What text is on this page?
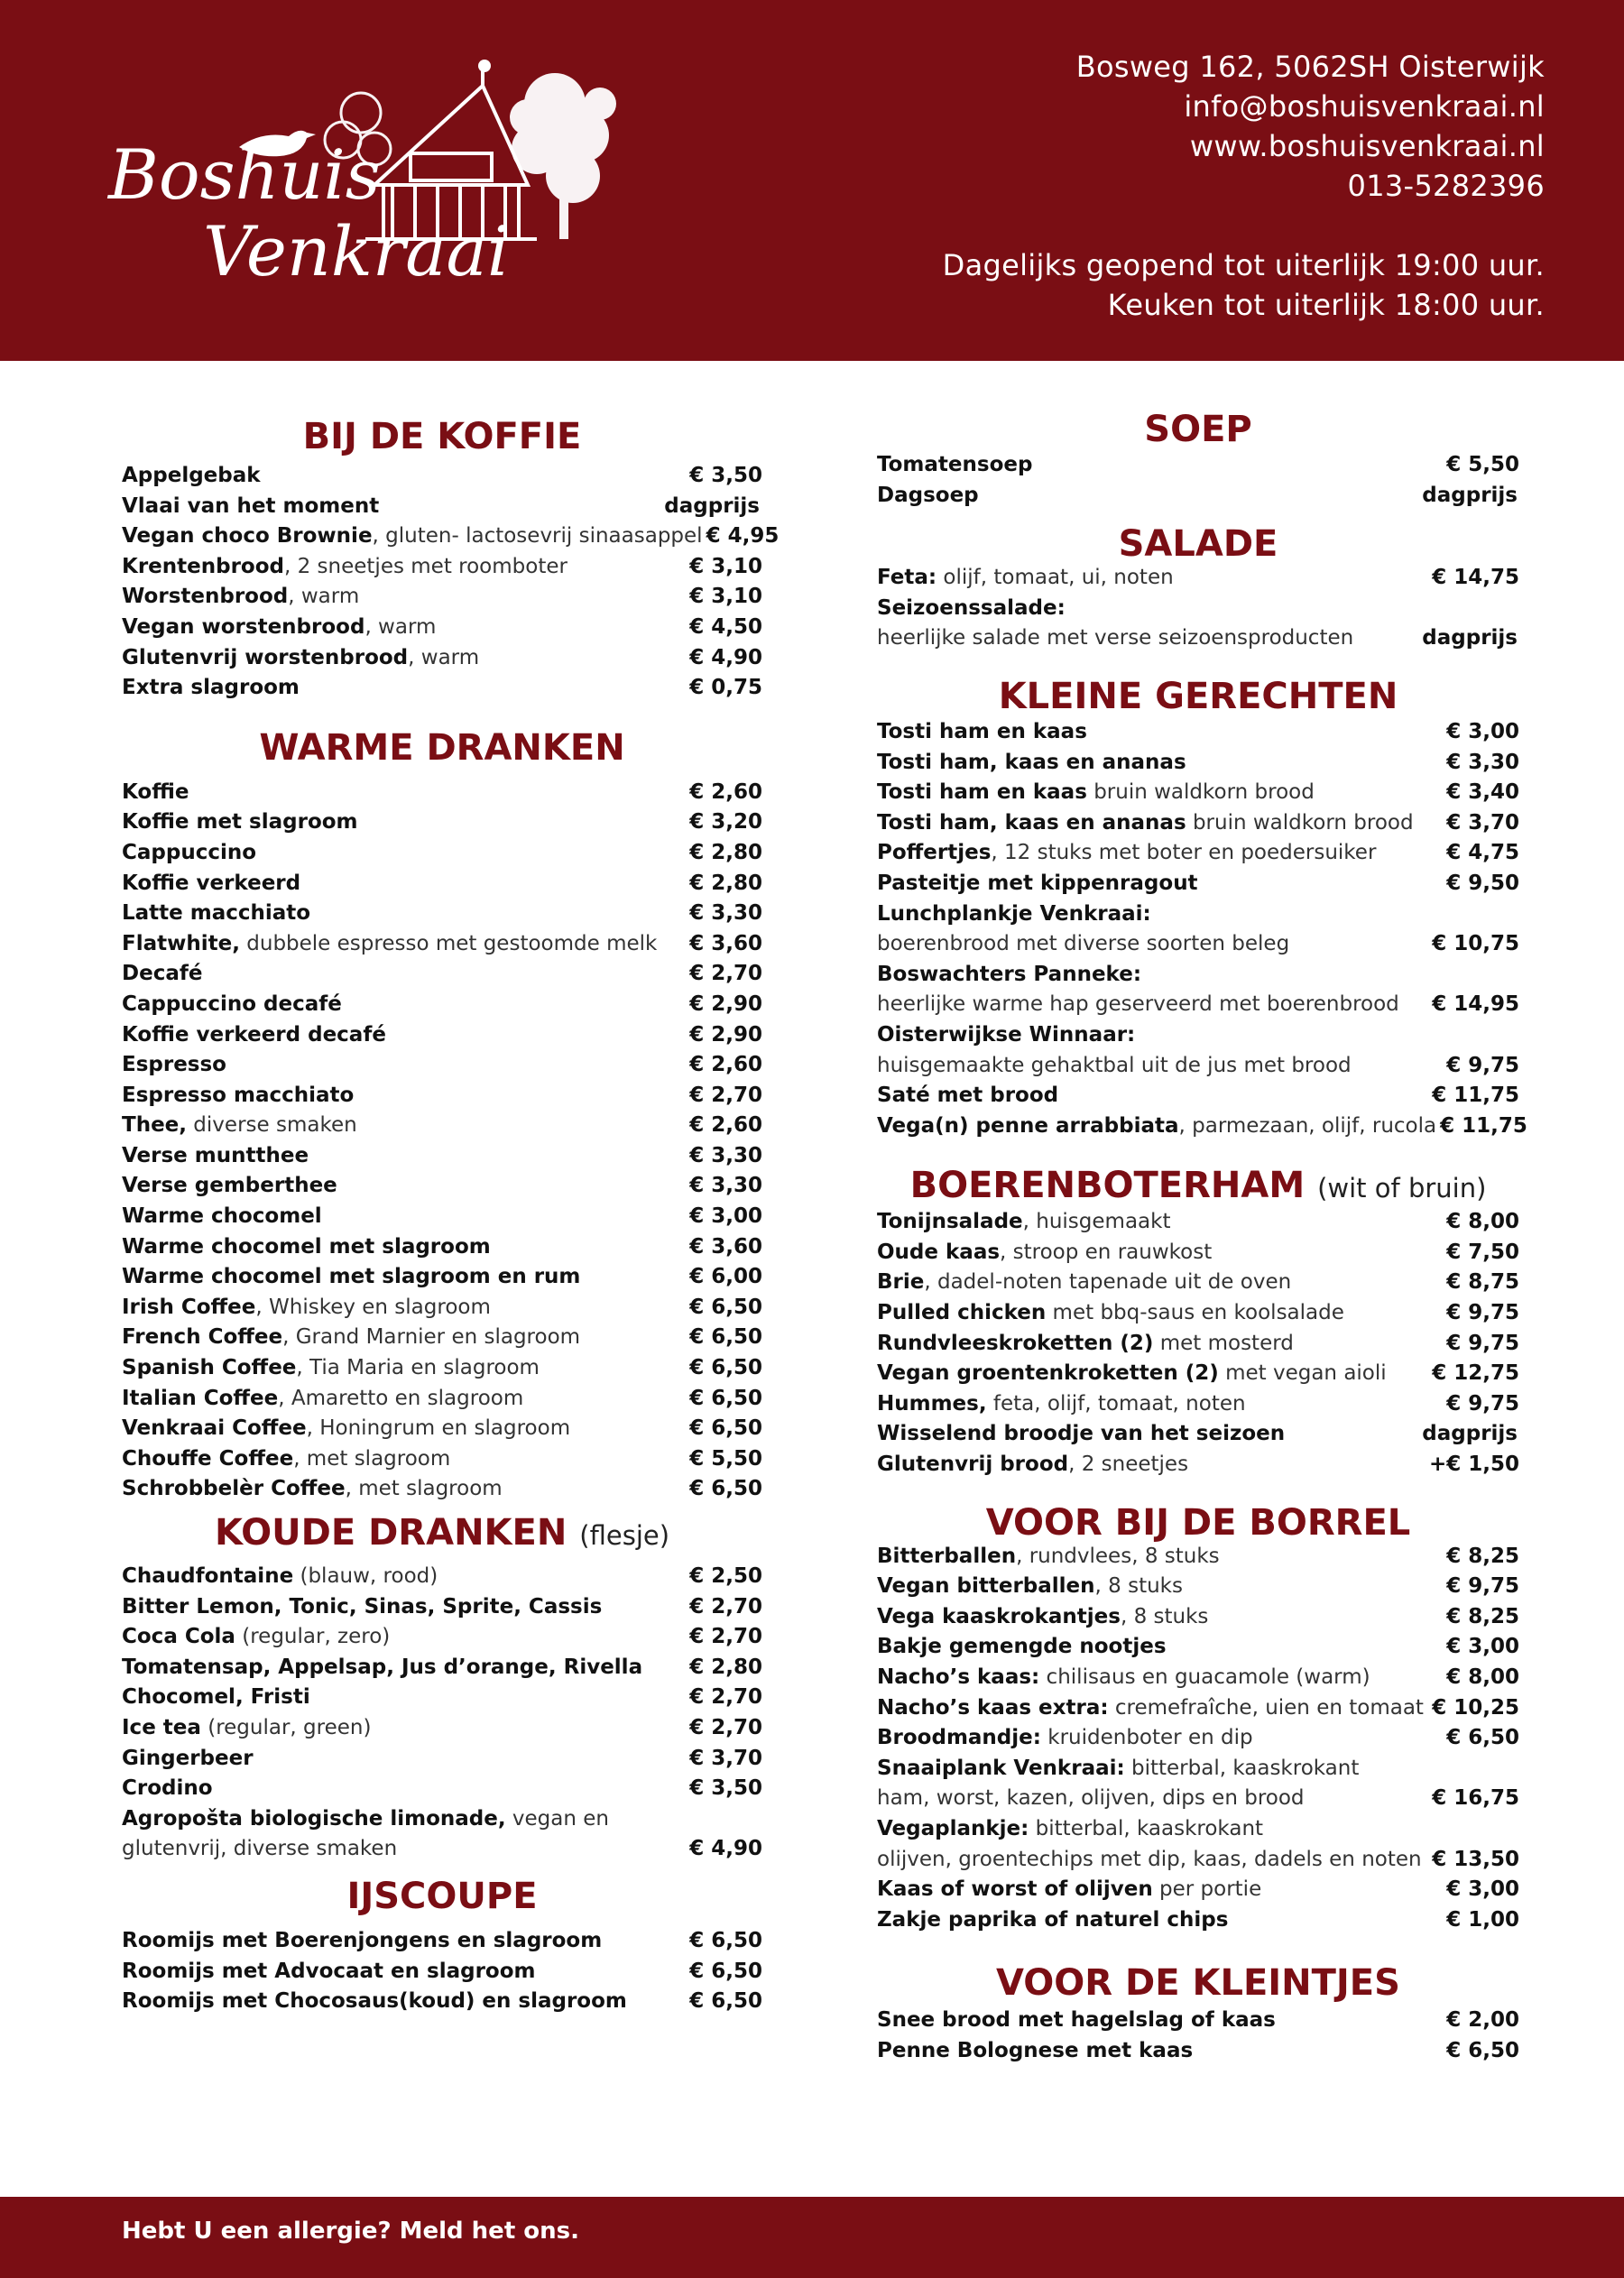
Boshuis
Venkraai
Bosweg 162, 5062SH Oisterwijk
info@boshuisvenkraai.nl
www.boshuisvenkraai.nl
013-5282396
Dagelijks geopend tot uiterlijk 19:00 uur.
Keuken tot uiterlijk 18:00 uur.
BIJ DE KOFFIE
Appelgebak	€ 3,50
Vlaai van het moment	dagprijs
Vegan choco Brownie, gluten- lactosevrij sinaasappel € 4,95
Krentenbrood, 2 sneetjes met roomboter	€ 3,10
Worstenbrood, warm	€ 3,10
Vegan worstenbrood, warm	€ 4,50
Glutenvrij worstenbrood, warm	€ 4,90
Extra slagroom	€ 0,75
WARME DRANKEN
Koffie	€ 2,60
Koffie met slagroom	€ 3,20
Cappuccino	€ 2,80
Koffie verkeerd	€ 2,80
Latte macchiato	€ 3,30
Flatwhite, dubbele espresso met gestoomde melk € 3,60
Decafé	€ 2,70
Cappuccino decafé	€ 2,90
Koffie verkeerd decafé	€ 2,90
Espresso	€ 2,60
Espresso macchiato	€ 2,70
Thee, diverse smaken	€ 2,60
Verse muntthee	€ 3,30
Verse gemberthee	€ 3,30
Warme chocomel	€ 3,00
Warme chocomel met slagroom	€ 3,60
Warme chocomel met slagroom en rum	€ 6,00
Irish Coffee, Whiskey en slagroom	€ 6,50
French Coffee, Grand Marnier en slagroom	€ 6,50
Spanish Coffee, Tia Maria en slagroom	€ 6,50
Italian Coffee, Amaretto en slagroom	€ 6,50
Venkraai Coffee, Honingrum en slagroom	€ 6,50
Chouffe Coffee, met slagroom	€ 5,50
Schrobbelèr Coffee, met slagroom	€ 6,50
KOUDE DRANKEN (flesje)
Chaudfontaine (blauw, rood)	€ 2,50
Bitter Lemon, Tonic, Sinas, Sprite, Cassis	€ 2,70
Coca Cola (regular, zero)	€ 2,70
Tomatensap, Appelsap, Jus d’orange, Rivella € 2,80
Chocomel, Fristi	€ 2,70
Ice tea (regular, green)	€ 2,70
Gingerbeer	€ 3,70
Crodino	€ 3,50
Agropošta biologische limonade, vegan en
glutenvrij, diverse smaken	€ 4,90
IJSCOUPE
Roomijs met Boerenjongens en slagroom	€ 6,50
Roomijs met Advocaat en slagroom	€ 6,50
Roomijs met Chocosaus(koud) en slagroom	€ 6,50
SOEP
Tomatensoep	€ 5,50
Dagsoep	dagprijs
SALADE
Feta: olijf, tomaat, ui, noten	€ 14,75
Seizoenssalade:
heerlijke salade met verse seizoensproducten	dagprijs
KLEINE GERECHTEN
Tosti ham en kaas	€ 3,00
Tosti ham, kaas en ananas	€ 3,30
Tosti ham en kaas bruin waldkorn brood	€ 3,40
Tosti ham, kaas en ananas bruin waldkorn brood € 3,70
Poffertjes, 12 stuks met boter en poedersuiker	€ 4,75
Pasteitje met kippenragout	€ 9,50
Lunchplankje Venkraai:
boerenbrood met diverse soorten beleg	€ 10,75
Boswachters Panneke:
heerlijke warme hap geserveerd met boerenbrood € 14,95
Oisterwijkse Winnaar:
huisgemaakte gehaktbal uit de jus met brood	€ 9,75
Saté met brood	€ 11,75
Vega(n) penne arrabbiata, parmezaan, olijf, rucola € 11,75
BOERENBOTERHAM (wit of bruin)
Tonijnsalade, huisgemaakt	€ 8,00
Oude kaas, stroop en rauwkost	€ 7,50
Brie, dadel-noten tapenade uit de oven	€ 8,75
Pulled chicken met bbq-saus en koolsalade	€ 9,75
Rundvleeskroketten (2) met mosterd	€ 9,75
Vegan groentenkroketten (2) met vegan aioli € 12,75
Hummes, feta, olijf, tomaat, noten	€ 9,75
Wisselend broodje van het seizoen	dagprijs
Glutenvrij brood, 2 sneetjes	+€ 1,50
VOOR BIJ DE BORREL
Bitterballen, rundvlees, 8 stuks	€ 8,25
Vegan bitterballen, 8 stuks	€ 9,75
Vega kaaskrokantjes, 8 stuks	€ 8,25
Bakje gemengde nootjes	€ 3,00
Nacho’s kaas: chilisaus en guacamole (warm)	€ 8,00
Nacho’s kaas extra: cremefraîche, uien en tomaat € 10,25
Broodmandje: kruidenboter en dip	€ 6,50
Snaaiplank Venkraai: bitterbal, kaaskrokant
ham, worst, kazen, olijven, dips en brood	€ 16,75
Vegaplankje: bitterbal, kaaskrokant
olijven, groentechips met dip, kaas, dadels en noten € 13,50
Kaas of worst of olijven per portie	€ 3,00
Zakje paprika of naturel chips	€ 1,00
VOOR DE KLEINTJES
Snee brood met hagelslag of kaas	€ 2,00
Penne Bolognese met kaas	€ 6,50
Hebt U een allergie? Meld het ons.
